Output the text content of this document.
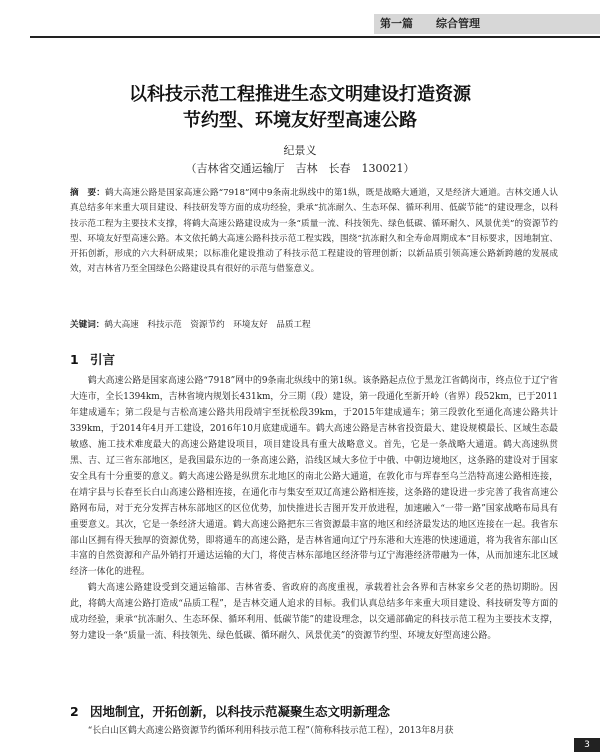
第一篇 综合管理
以科技示范工程推进生态文明建设打造资源
节约型、环境友好型高速公路
纪景义
（吉林省交通运输厅　吉林　长春　130021）
摘　要：鹤大高速公路是国家高速公路“7918”网中9条南北纵线中的第1纵，既是战略大通道，又是经济大通道。吉林交通人认真总结多年来重大项目建设、科技研发等方面的成功经验，秉承“抗冻耐久、生态环保、循环利用、低碳节能”的建设理念，以科技示范工程为主要技术支撑，将鹤大高速公路建设成为一条“质量一流、科技领先、绿色低碳、循环耐久、风景优美”的资源节约型、环境友好型高速公路。本文依托鹤大高速公路科技示范工程实践，围绕“抗冻耐久和全寿命周期成本”目标要求，因地制宜、开拓创新，形成的六大科研成果；以标准化建设推动了科技示范工程建设的管理创新；以新品质引领高速公路新跨越的发展成效，对吉林省乃至全国绿色公路建设具有很好的示范与借鉴意义。
关键词：鹤大高速　科技示范　资源节约　环境友好　品质工程
1 引言

鹤大高速公路是国家高速公路“7918”网中的9条南北纵线中的第1纵。该条路起点位于黑龙江省鹤岗市，终点位于辽宁省大连市，全长1394km，吉林省境内规划长431km，分三期（段）建设，第一段通化至新开岭（省界）段52km，已于2011年建成通车；第二段是与吉松高速公路共用段靖宇至抚松段39km，于2015年建成通车；第三段敦化至通化高速公路共计339km，于2014年4月开工建设，2016年10月底建成通车。鹤大高速公路是吉林省投资最大、建设规模最长、区域生态最敏感、施工技术难度最大的高速公路建设项目，项目建设具有重大战略意义。首先，它是一条战略大通道。鹤大高速纵贯黑、吉、辽三省东部地区，是我国最东边的一条高速公路，沿线区域大多位于中俄、中朝边境地区，这条路的建设对于国家安全具有十分重要的意义。鹤大高速公路是纵贯东北地区的南北公路大通道，在敦化市与珲春至乌兰浩特高速公路相连接，在靖宇县与长春至长白山高速公路相连接，在通化市与集安至双辽高速公路相连接，这条路的建设进一步完善了我省高速公路网布局，对于充分发挥吉林东部地区的区位优势，加快推进长吉图开发开放进程，加速融入“一带一路”国家战略布局具有重要意义。其次，它是一条经济大通道。鹤大高速公路把东三省资源最丰富的地区和经济最发达的地区连接在一起。我省东部山区拥有得天独厚的资源优势，即将通车的高速公路，是吉林省通向辽宁丹东港和大连港的快速通道，将为我省东部山区丰富的自然资源和产品外销打开通达运输的大门，将使吉林东部地区经济带与辽宁海港经济带融为一体，从而加速东北区域经济一体化的进程。

鹤大高速公路建设受到交通运输部、吉林省委、省政府的高度重视，承载着社会各界和吉林家乡父老的热切期盼。因此，将鹤大高速公路打造成“品质工程”，是吉林交通人追求的目标。我们认真总结多年来重大项目建设、科技研发等方面的成功经验，秉承“抗冻耐久、生态环保、循环利用、低碳节能”的建设理念，以交通部确定的科技示范工程为主要技术支撑，努力建设一条“质量一流、科技领先、绿色低碳、循环耐久、风景优美”的资源节约型、环境友好型高速公路。

2 因地制宜，开拓创新，以科技示范凝聚生态文明新理念

“长白山区鹤大高速公路资源节约循环利用科技示范工程”（简称科技示范工程），2013年8月获

3
